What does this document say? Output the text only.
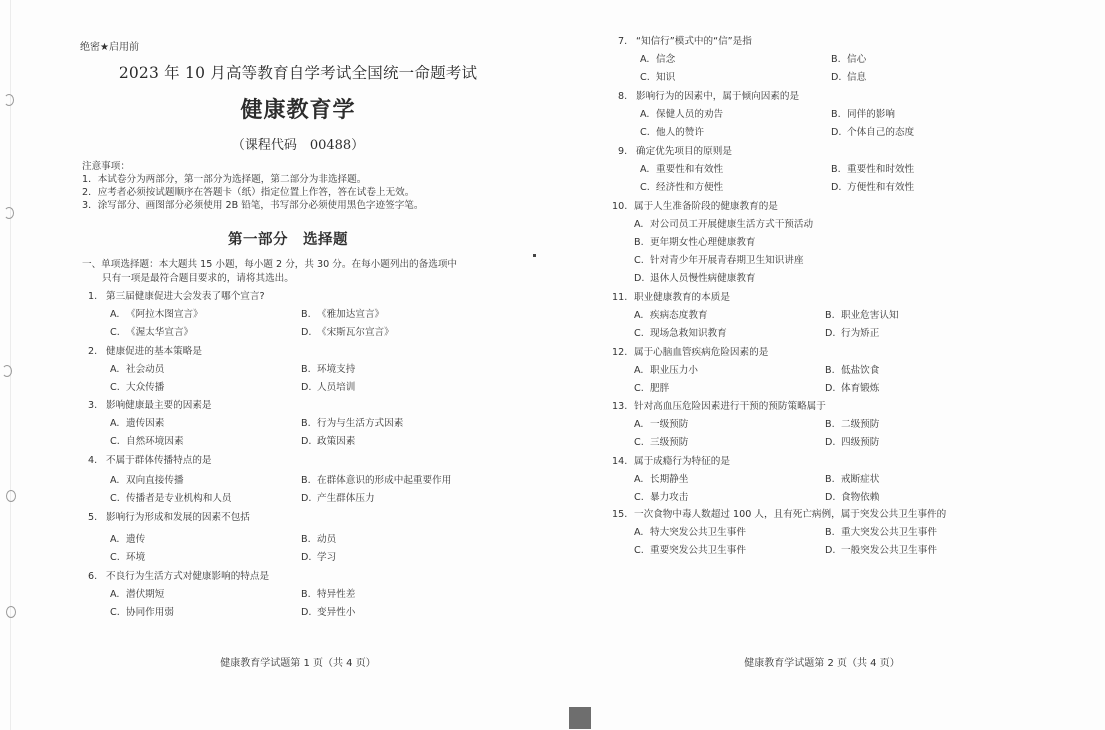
绝密★启用前
2023 年 10 月高等教育自学考试全国统一命题考试
健康教育学
（课程代码　00488）
注意事项：
1．本试卷分为两部分，第一部分为选择题，第二部分为非选择题。
2．应考者必须按试题顺序在答题卡（纸）指定位置上作答，答在试卷上无效。
3．涂写部分、画图部分必须使用 2B 铅笔，书写部分必须使用黑色字迹签字笔。
第一部分　选择题
一、单项选择题：本大题共 15 小题，每小题 2 分，共 30 分。在每小题列出的备选项中
只有一项是最符合题目要求的，请将其选出。
1. 第三届健康促进大会发表了哪个宣言?
A. 《阿拉木图宣言》	B. 《雅加达宣言》
C. 《渥太华宣言》	D. 《宋斯瓦尔宣言》
2. 健康促进的基本策略是
A. 社会动员	B. 环境支持
C. 大众传播	D. 人员培训
3. 影响健康最主要的因素是
A. 遗传因素	B. 行为与生活方式因素
C. 自然环境因素	D. 政策因素
4. 不属于群体传播特点的是
A. 双向直接传播	B. 在群体意识的形成中起重要作用
C. 传播者是专业机构和人员	D. 产生群体压力
5. 影响行为形成和发展的因素不包括
A. 遗传	B. 动员
C. 环境	D. 学习
6. 不良行为生活方式对健康影响的特点是
A. 潜伏期短	B. 特异性差
C. 协同作用弱	D. 变异性小
健康教育学试题第 1 页（共 4 页）
7. “知信行”模式中的“信”是指
A. 信念	B. 信心
C. 知识	D. 信息
8. 影响行为的因素中，属于倾向因素的是
A. 保健人员的劝告	B. 同伴的影响
C. 他人的赞许	D. 个体自己的态度
9. 确定优先项目的原则是
A. 重要性和有效性	B. 重要性和时效性
C. 经济性和方便性	D. 方便性和有效性
10. 属于人生准备阶段的健康教育的是
A. 对公司员工开展健康生活方式干预活动
B. 更年期女性心理健康教育
C. 针对青少年开展青春期卫生知识讲座
D. 退休人员慢性病健康教育
11. 职业健康教育的本质是
A. 疾病态度教育	B. 职业危害认知
C. 现场急救知识教育	D. 行为矫正
12. 属于心脑血管疾病危险因素的是
A. 职业压力小	B. 低盐饮食
C. 肥胖	D. 体育锻炼
13. 针对高血压危险因素进行干预的预防策略属于
A. 一级预防	B. 二级预防
C. 三级预防	D. 四级预防
14. 属于成瘾行为特征的是
A. 长期静坐	B. 戒断症状
C. 暴力攻击	D. 食物依赖
15. 一次食物中毒人数超过 100 人，且有死亡病例，属于突发公共卫生事件的
A. 特大突发公共卫生事件	B. 重大突发公共卫生事件
C. 重要突发公共卫生事件	D. 一般突发公共卫生事件
健康教育学试题第 2 页（共 4 页）
